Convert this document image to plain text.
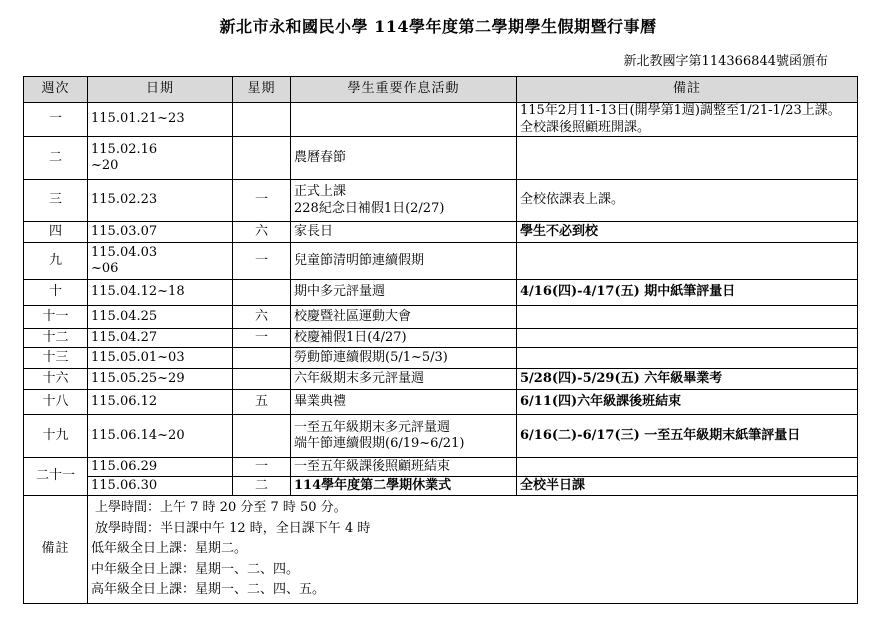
新北市永和國民小學 114學年度第二學期學生假期暨行事曆
新北教國字第114366844號函頒布
週次	日期	星期	學生重要作息活動	備註
一	115.01.21~23			115年2月11-13日(開學第1週)調整至1/21-1/23上課。
全校課後照顧班開課。

二	115.02.16
~20		農曆春節	
三	115.02.23	一	正式上課
228紀念日補假1日(2/27)	全校依課表上課。
四	115.03.07	六	家長日	學生不必到校
九	115.04.03
~06	一	兒童節清明節連續假期	
十	115.04.12~18		期中多元評量週	4/16(四)-4/17(五) 期中紙筆評量日
十一	115.04.25	六	校慶暨社區運動大會	
十二	115.04.27	一	校慶補假1日(4/27)	
十三	115.05.01~03		勞動節連續假期(5/1~5/3)	
十六	115.05.25~29		六年級期末多元評量週	5/28(四)-5/29(五) 六年級畢業考
十八	115.06.12	五	畢業典禮	6/11(四)六年級課後班結束
十九	115.06.14~20		一至五年級期末多元評量週
端午節連續假期(6/19~6/21)	6/16(二)-6/17(三) 一至五年級期末紙筆評量日
二十一	115.06.29	一	一至五年級課後照顧班結束	
	115.06.30	二	114學年度第二學期休業式	全校半日課
備註	上學時間：上午 7 時 20 分至 7 時 50 分。
放學時間：半日課中午 12 時，全日課下午 4 時
低年級全日上課：星期二。
中年級全日上課：星期一、二、四。
高年級全日上課：星期一、二、四、五。			
